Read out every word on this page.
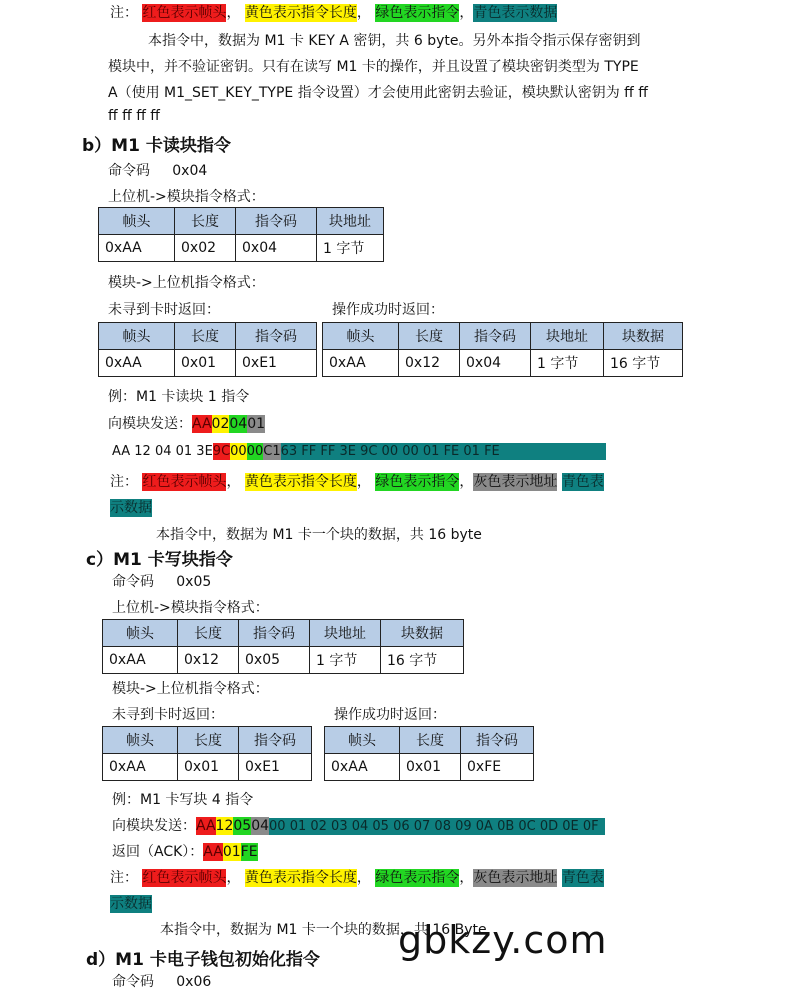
注： 红色表示帧头， 黄色表示指令长度， 绿色表示指令，青色表示数据
本指令中，数据为 M1 卡 KEY A 密钥，共 6 byte。另外本指令指示保存密钥到
模块中，并不验证密钥。只有在读写 M1 卡的操作，并且设置了模块密钥类型为 TYPE
A（使用 M1_SET_KEY_TYPE 指令设置）才会使用此密钥去验证，模块默认密钥为 ff ff
ff ff ff ff
b）M1 卡读块指令
命令码 0x04
上位机->模块指令格式：
帧头	长度	指令码	块地址
0xAA	0x02	0x04	1 字节
模块->上位机指令格式：
未寻到卡时返回：	操作成功时返回：
帧头	长度	指令码
0xAA	0x01	0xE1
帧头	长度	指令码	块地址	块数据
0xAA	0x12	0x04	1 字节	16 字节
例：M1 卡读块 1 指令
向模块发送：AA020401
AA 12 04 01 3E9C0000C163 FF FF 3E 9C 00 00 01 FE 01 FE
注： 红色表示帧头， 黄色表示指令长度， 绿色表示指令，灰色表示地址 青色表
示数据
本指令中，数据为 M1 卡一个块的数据，共 16 byte
c）M1 卡写块指令
命令码 0x05
上位机->模块指令格式：
帧头	长度	指令码	块地址	块数据
0xAA	0x12	0x05	1 字节	16 字节
模块->上位机指令格式：
未寻到卡时返回：	操作成功时返回：
帧头	长度	指令码
0xAA	0x01	0xE1
帧头	长度	指令码
0xAA	0x01	0xFE
例：M1 卡写块 4 指令
向模块发送：AA12050400 01 02 03 04 05 06 07 08 09 0A 0B 0C 0D 0E 0F
返回（ACK）：AA01FE
注： 红色表示帧头， 黄色表示指令长度， 绿色表示指令，灰色表示地址 青色表
示数据
本指令中，数据为 M1 卡一个块的数据，共 16 Byte
d）M1 卡电子钱包初始化指令
命令码 0x06
gbkzy.com
